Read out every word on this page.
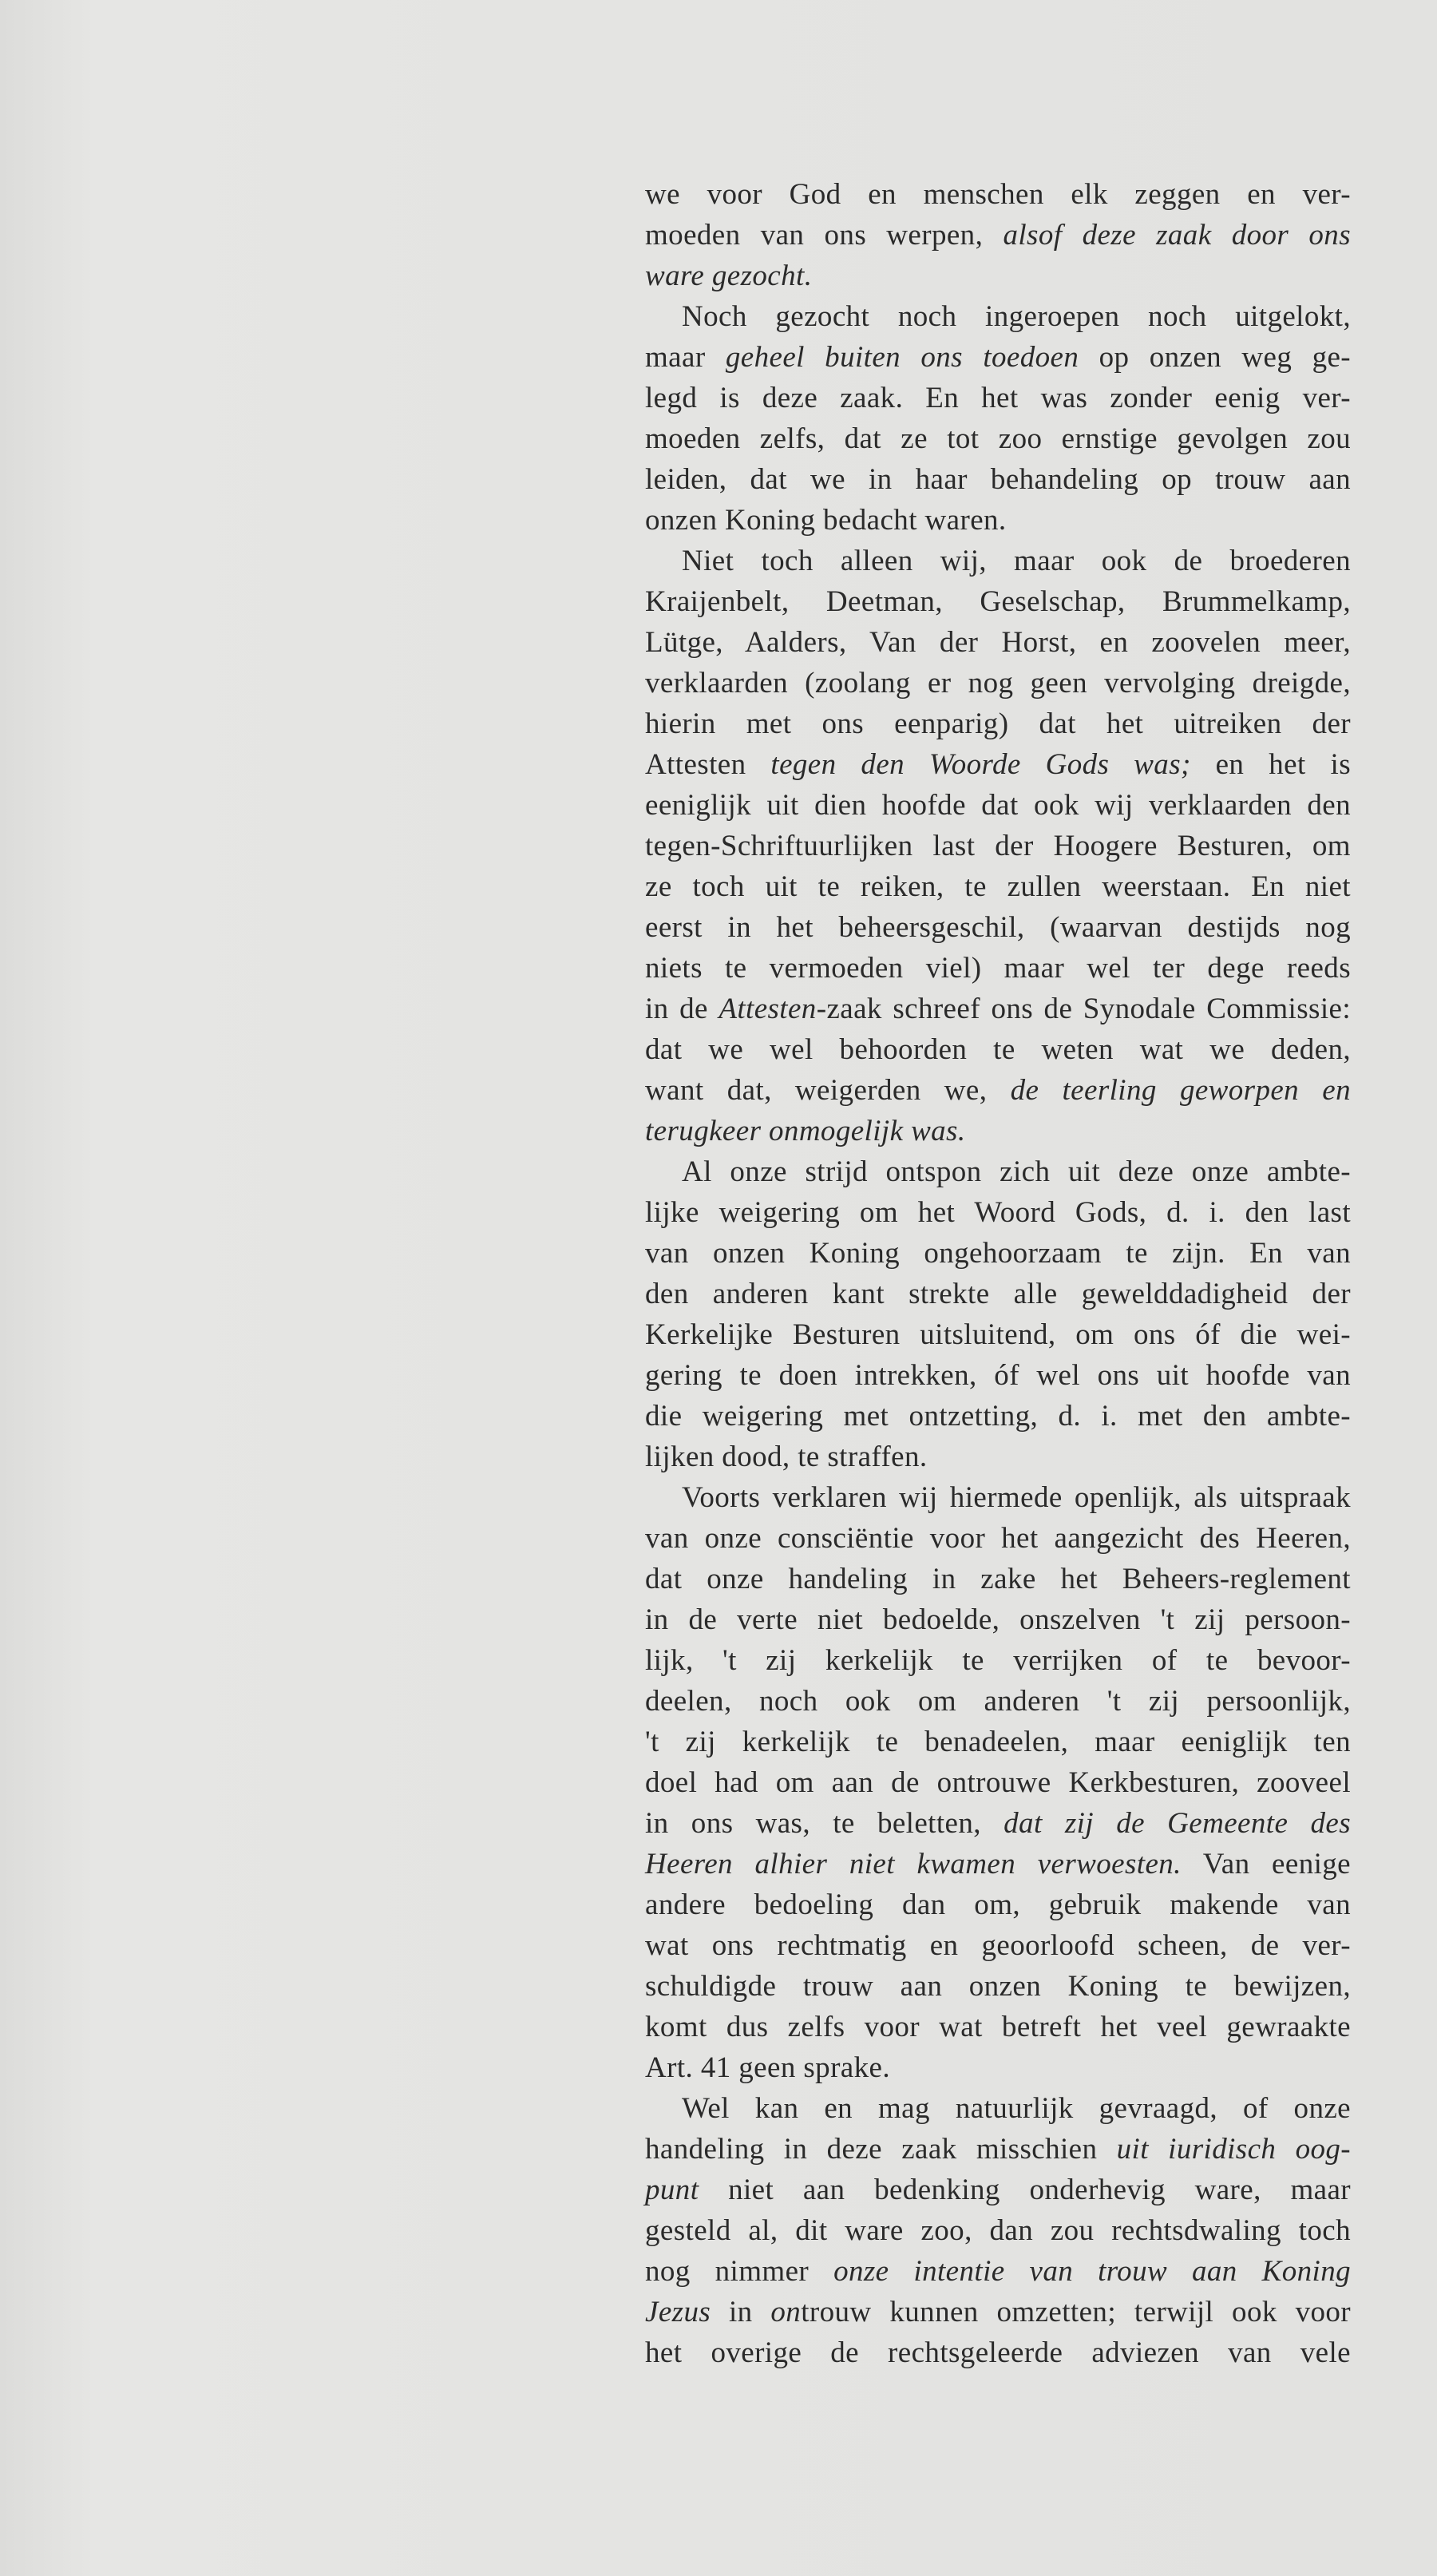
we voor God en menschen elk zeggen en ver-
moeden van ons werpen, alsof deze zaak door ons
ware gezocht.
Noch gezocht noch ingeroepen noch uitgelokt,
maar geheel buiten ons toedoen op onzen weg ge-
legd is deze zaak. En het was zonder eenig ver-
moeden zelfs, dat ze tot zoo ernstige gevolgen zou
leiden, dat we in haar behandeling op trouw aan
onzen Koning bedacht waren.
Niet toch alleen wij, maar ook de broederen
Kraijenbelt, Deetman, Geselschap, Brummelkamp,
Lütge, Aalders, Van der Horst, en zoovelen meer,
verklaarden (zoolang er nog geen vervolging dreigde,
hierin met ons eenparig) dat het uitreiken der
Attesten tegen den Woorde Gods was; en het is
eeniglijk uit dien hoofde dat ook wij verklaarden den
tegen-Schriftuurlijken last der Hoogere Besturen, om
ze toch uit te reiken, te zullen weerstaan. En niet
eerst in het beheersgeschil, (waarvan destijds nog
niets te vermoeden viel) maar wel ter dege reeds
in de Attesten-zaak schreef ons de Synodale Commissie:
dat we wel behoorden te weten wat we deden,
want dat, weigerden we, de teerling geworpen en
terugkeer onmogelijk was.
Al onze strijd ontspon zich uit deze onze ambte-
lijke weigering om het Woord Gods, d. i. den last
van onzen Koning ongehoorzaam te zijn. En van
den anderen kant strekte alle gewelddadigheid der
Kerkelijke Besturen uitsluitend, om ons óf die wei-
gering te doen intrekken, óf wel ons uit hoofde van
die weigering met ontzetting, d. i. met den ambte-
lijken dood, te straffen.
Voorts verklaren wij hiermede openlijk, als uitspraak
van onze consciëntie voor het aangezicht des Heeren,
dat onze handeling in zake het Beheers-reglement
in de verte niet bedoelde, onszelven 't zij persoon-
lijk, 't zij kerkelijk te verrijken of te bevoor-
deelen, noch ook om anderen 't zij persoonlijk,
't zij kerkelijk te benadeelen, maar eeniglijk ten
doel had om aan de ontrouwe Kerkbesturen, zooveel
in ons was, te beletten, dat zij de Gemeente des
Heeren alhier niet kwamen verwoesten. Van eenige
andere bedoeling dan om, gebruik makende van
wat ons rechtmatig en geoorloofd scheen, de ver-
schuldigde trouw aan onzen Koning te bewijzen,
komt dus zelfs voor wat betreft het veel gewraakte
Art. 41 geen sprake.
Wel kan en mag natuurlijk gevraagd, of onze
handeling in deze zaak misschien uit iuridisch oog-
punt niet aan bedenking onderhevig ware, maar
gesteld al, dit ware zoo, dan zou rechtsdwaling toch
nog nimmer onze intentie van trouw aan Koning
Jezus in ontrouw kunnen omzetten; terwijl ook voor
het overige de rechtsgeleerde adviezen van vele
